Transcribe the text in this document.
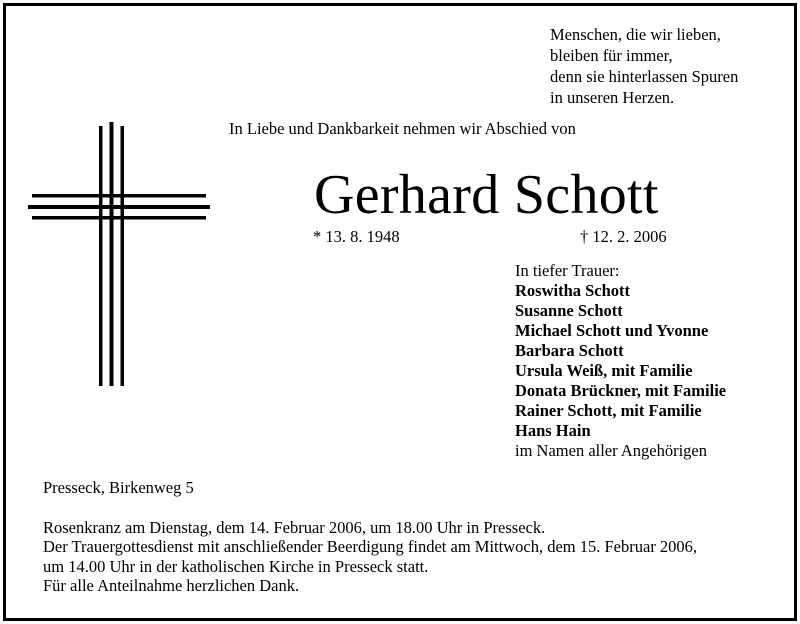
Menschen, die wir lieben,
bleiben für immer,
denn sie hinterlassen Spuren
in unseren Herzen.
In Liebe und Dankbarkeit nehmen wir Abschied von
Gerhard Schott
* 13. 8. 1948	† 12. 2. 2006
In tiefer Trauer:
Roswitha Schott
Susanne Schott
Michael Schott und Yvonne
Barbara Schott
Ursula Weiß, mit Familie
Donata Brückner, mit Familie
Rainer Schott, mit Familie
Hans Hain
im Namen aller Angehörigen
Presseck, Birkenweg 5
Rosenkranz am Dienstag, dem 14. Februar 2006, um 18.00 Uhr in Presseck.
Der Trauergottesdienst mit anschließender Beerdigung findet am Mittwoch, dem 15. Februar 2006,
um 14.00 Uhr in der katholischen Kirche in Presseck statt.
Für alle Anteilnahme herzlichen Dank.
